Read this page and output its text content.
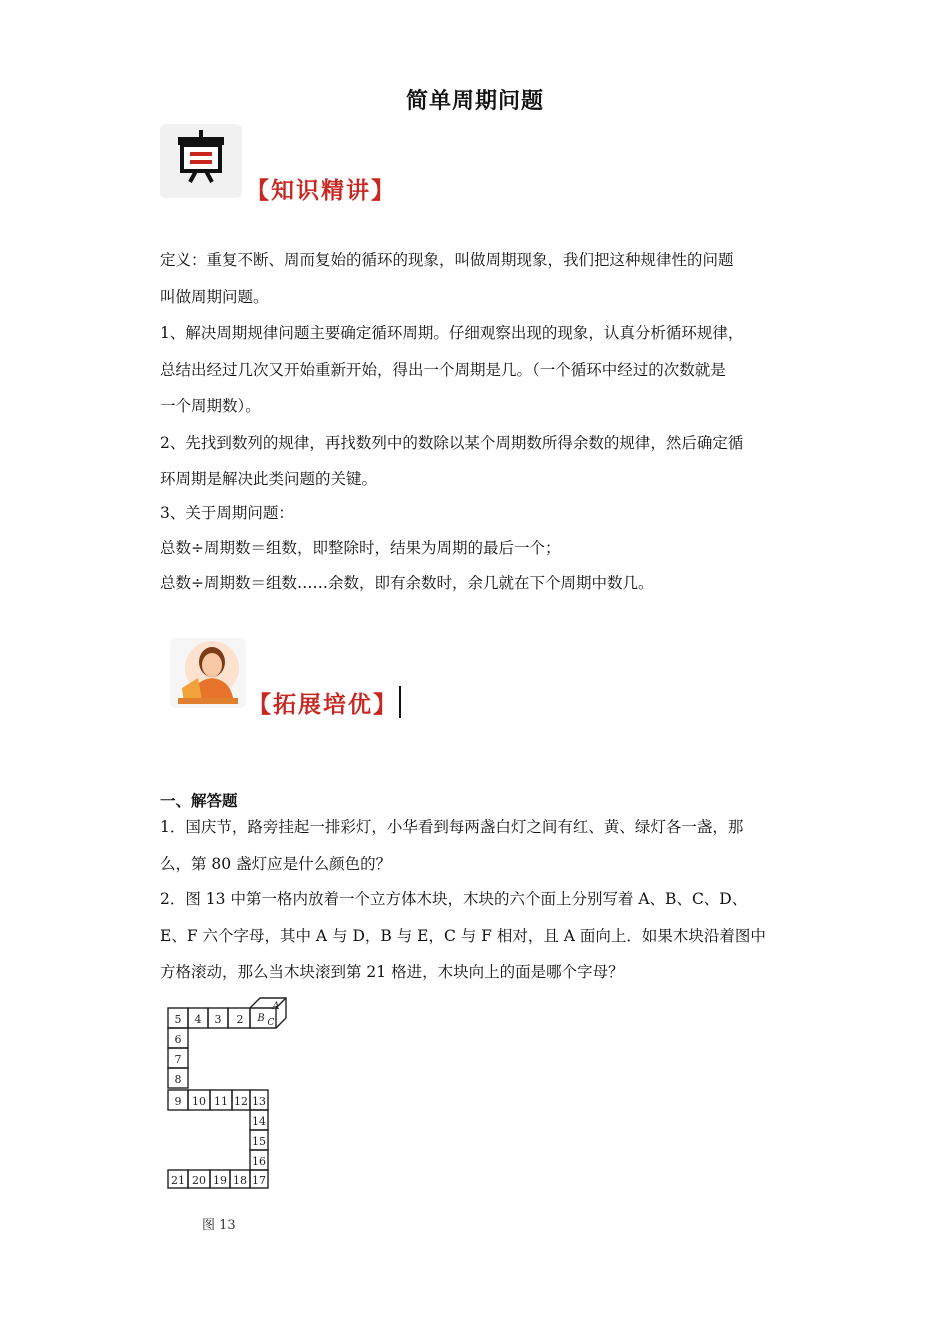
简单周期问题
【知识精讲】
定义：重复不断、周而复始的循环的现象，叫做周期现象，我们把这种规律性的问题
叫做周期问题。
1、解决周期规律问题主要确定循环周期。仔细观察出现的现象，认真分析循环规律，
总结出经过几次又开始重新开始，得出一个周期是几。（一个循环中经过的次数就是
一个周期数）。
2、先找到数列的规律，再找数列中的数除以某个周期数所得余数的规律，然后确定循
环周期是解决此类问题的关键。
3、关于周期问题：
总数÷周期数＝组数，即整除时，结果为周期的最后一个；
总数÷周期数＝组数……余数，即有余数时，余几就在下个周期中数几。
【拓展培优】
一、解答题
1．国庆节，路旁挂起一排彩灯，小华看到每两盏白灯之间有红、黄、绿灯各一盏，那
么，第 80 盏灯应是什么颜色的？
2．图 13 中第一格内放着一个立方体木块，木块的六个面上分别写着 A、B、C、D、
E、F 六个字母，其中 A 与 D，B 与 E，C 与 F 相对，且 A 面向上．如果木块沿着图中
方格滚动，那么当木块滚到第 21 格进，木块向上的面是哪个字母？
5 4 3 2
6
7
8
9 10 11 12 13
14
15
16
21 20 19 18 17
A
B C
图 13
